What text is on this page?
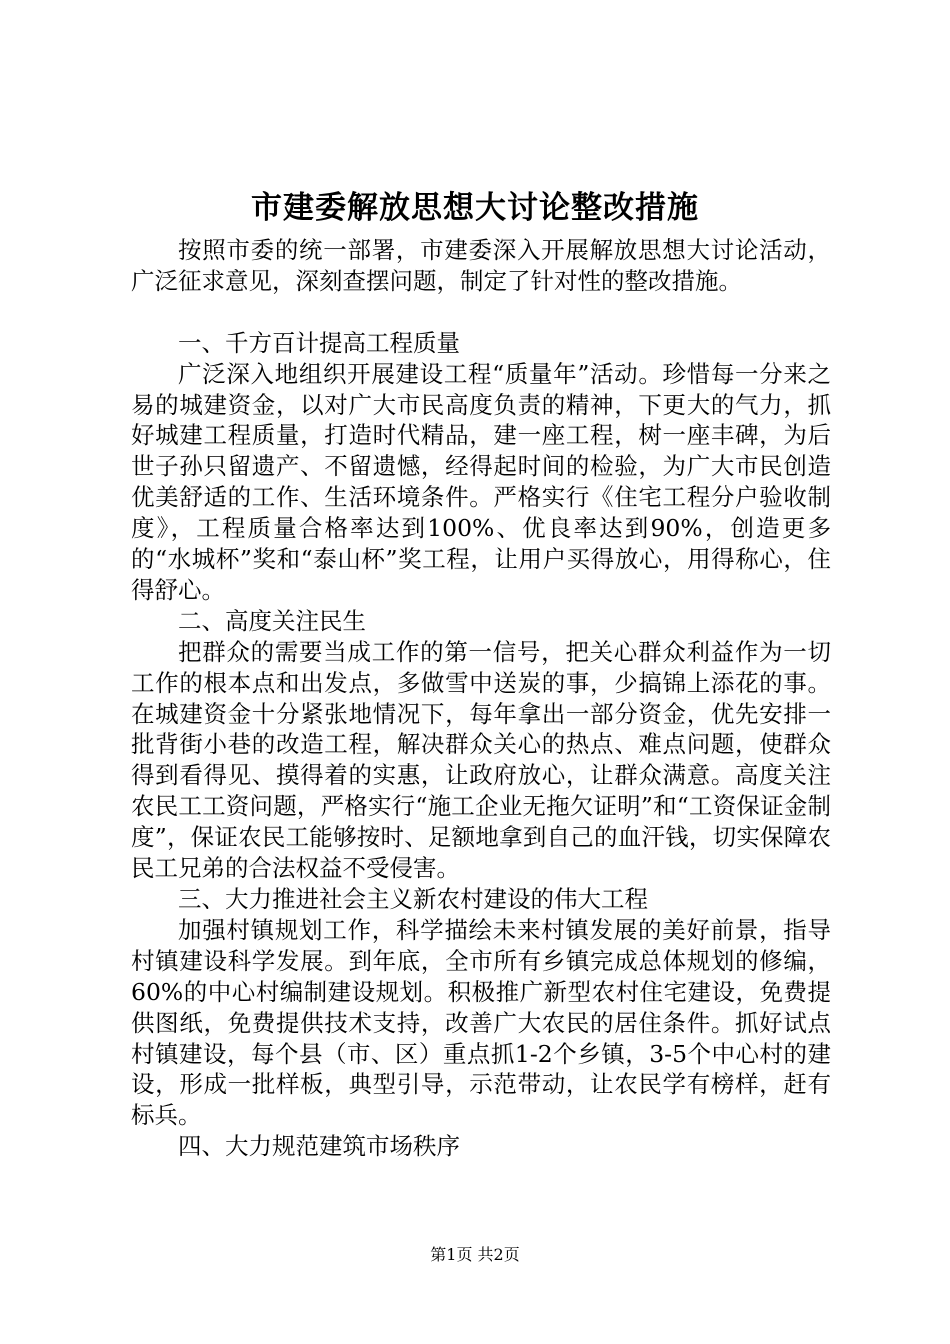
市建委解放思想大讨论整改措施

按照市委的统一部署，市建委深入开展解放思想大讨论活动，广泛征求意见，深刻查摆问题，制定了针对性的整改措施。

一、千方百计提高工程质量

广泛深入地组织开展建设工程“质量年”活动。珍惜每一分来之易的城建资金，以对广大市民高度负责的精神，下更大的气力，抓好城建工程质量，打造时代精品，建一座工程，树一座丰碑，为后世子孙只留遗产、不留遗憾，经得起时间的检验，为广大市民创造优美舒适的工作、生活环境条件。严格实行《住宅工程分户验收制度》，工程质量合格率达到100%、优良率达到90%，创造更多的“水城杯”奖和“泰山杯”奖工程，让用户买得放心，用得称心，住得舒心。

二、高度关注民生

把群众的需要当成工作的第一信号，把关心群众利益作为一切工作的根本点和出发点，多做雪中送炭的事，少搞锦上添花的事。在城建资金十分紧张地情况下，每年拿出一部分资金，优先安排一批背街小巷的改造工程，解决群众关心的热点、难点问题，使群众得到看得见、摸得着的实惠，让政府放心，让群众满意。高度关注农民工工资问题，严格实行“施工企业无拖欠证明”和“工资保证金制度”，保证农民工能够按时、足额地拿到自己的血汗钱，切实保障农民工兄弟的合法权益不受侵害。

三、大力推进社会主义新农村建设的伟大工程

加强村镇规划工作，科学描绘未来村镇发展的美好前景，指导村镇建设科学发展。到年底，全市所有乡镇完成总体规划的修编，60%的中心村编制建设规划。积极推广新型农村住宅建设，免费提供图纸，免费提供技术支持，改善广大农民的居住条件。抓好试点村镇建设，每个县（市、区）重点抓1-2个乡镇，3-5个中心村的建设，形成一批样板，典型引导，示范带动，让农民学有榜样，赶有标兵。

四、大力规范建筑市场秩序

第1页 共2页
